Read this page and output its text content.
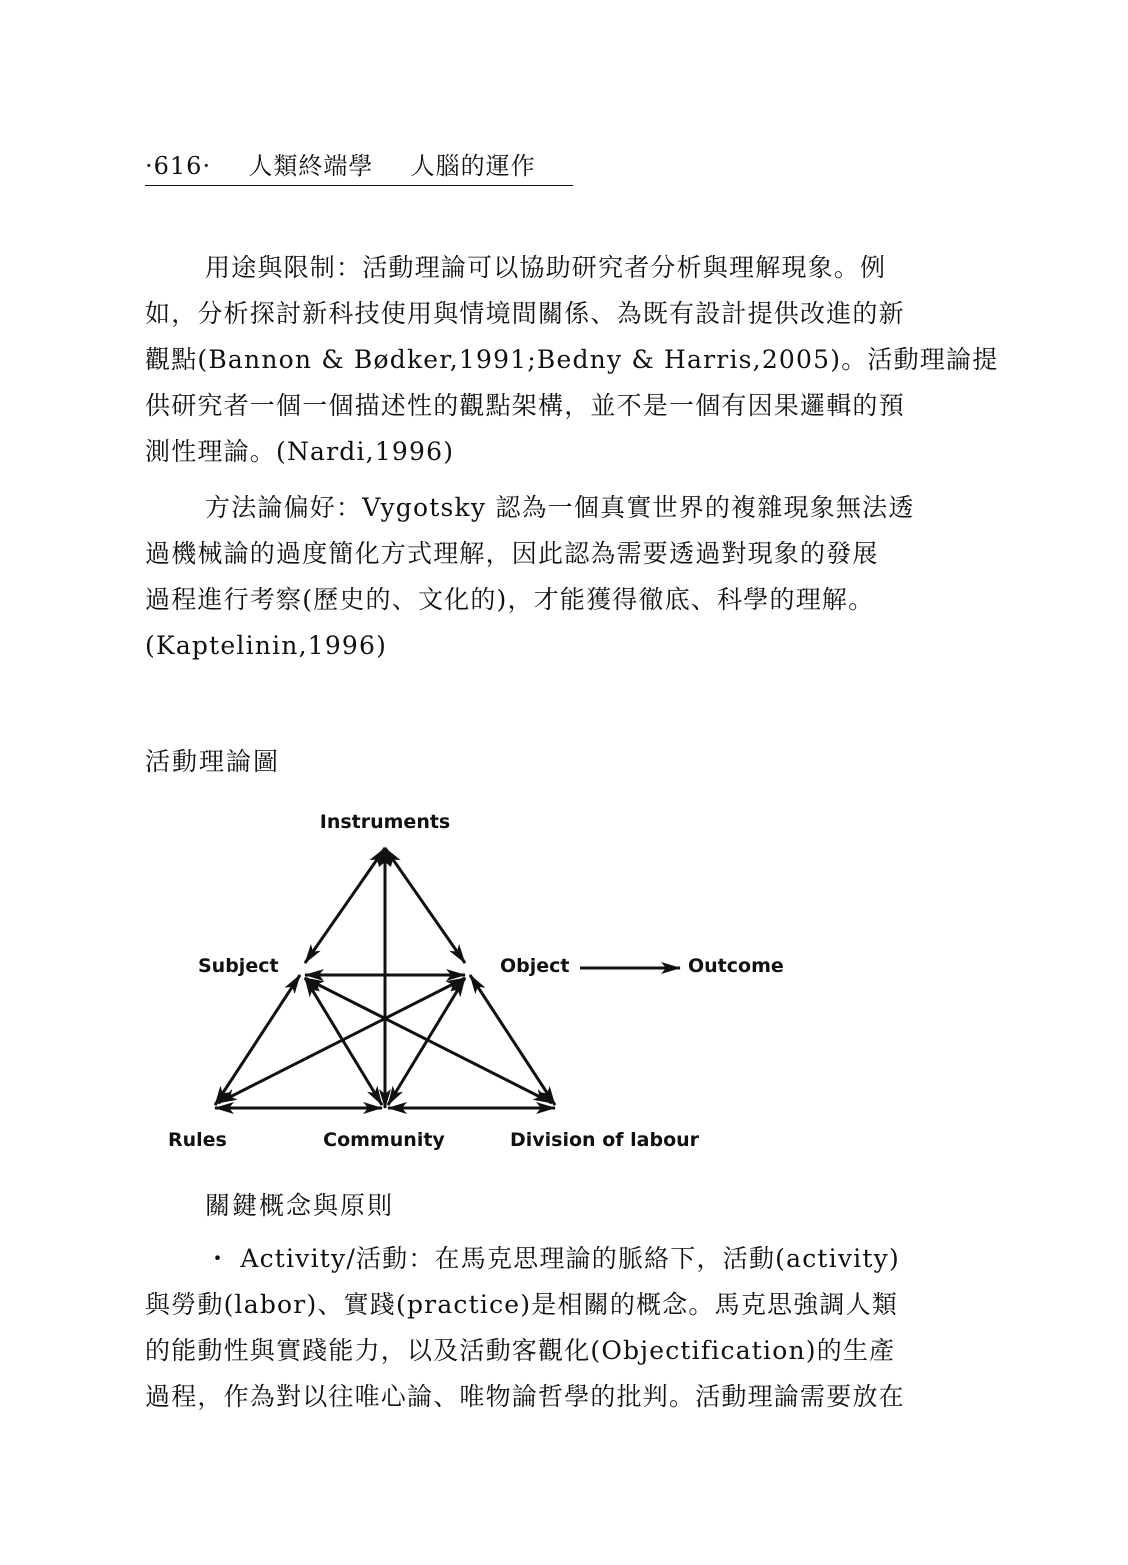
·616· 人類終端學 人腦的運作
用途與限制：活動理論可以協助研究者分析與理解現象。例
如，分析探討新科技使用與情境間關係、為既有設計提供改進的新
觀點(Bannon & Bødker,1991;Bedny & Harris,2005)。活動理論提
供研究者一個一個描述性的觀點架構，並不是一個有因果邏輯的預
測性理論。(Nardi,1996)
方法論偏好：Vygotsky 認為一個真實世界的複雜現象無法透
過機械論的過度簡化方式理解，因此認為需要透過對現象的發展
過程進行考察(歷史的、文化的)，才能獲得徹底、科學的理解。
(Kaptelinin,1996)
活動理論圖
Instruments
Subject	Object	Outcome
Rules	Community	Division of labour
關鍵概念與原則
・ Activity/活動：在馬克思理論的脈絡下，活動(activity)
與勞動(labor)、實踐(practice)是相關的概念。馬克思強調人類
的能動性與實踐能力，以及活動客觀化(Objectification)的生產
過程，作為對以往唯心論、唯物論哲學的批判。活動理論需要放在
